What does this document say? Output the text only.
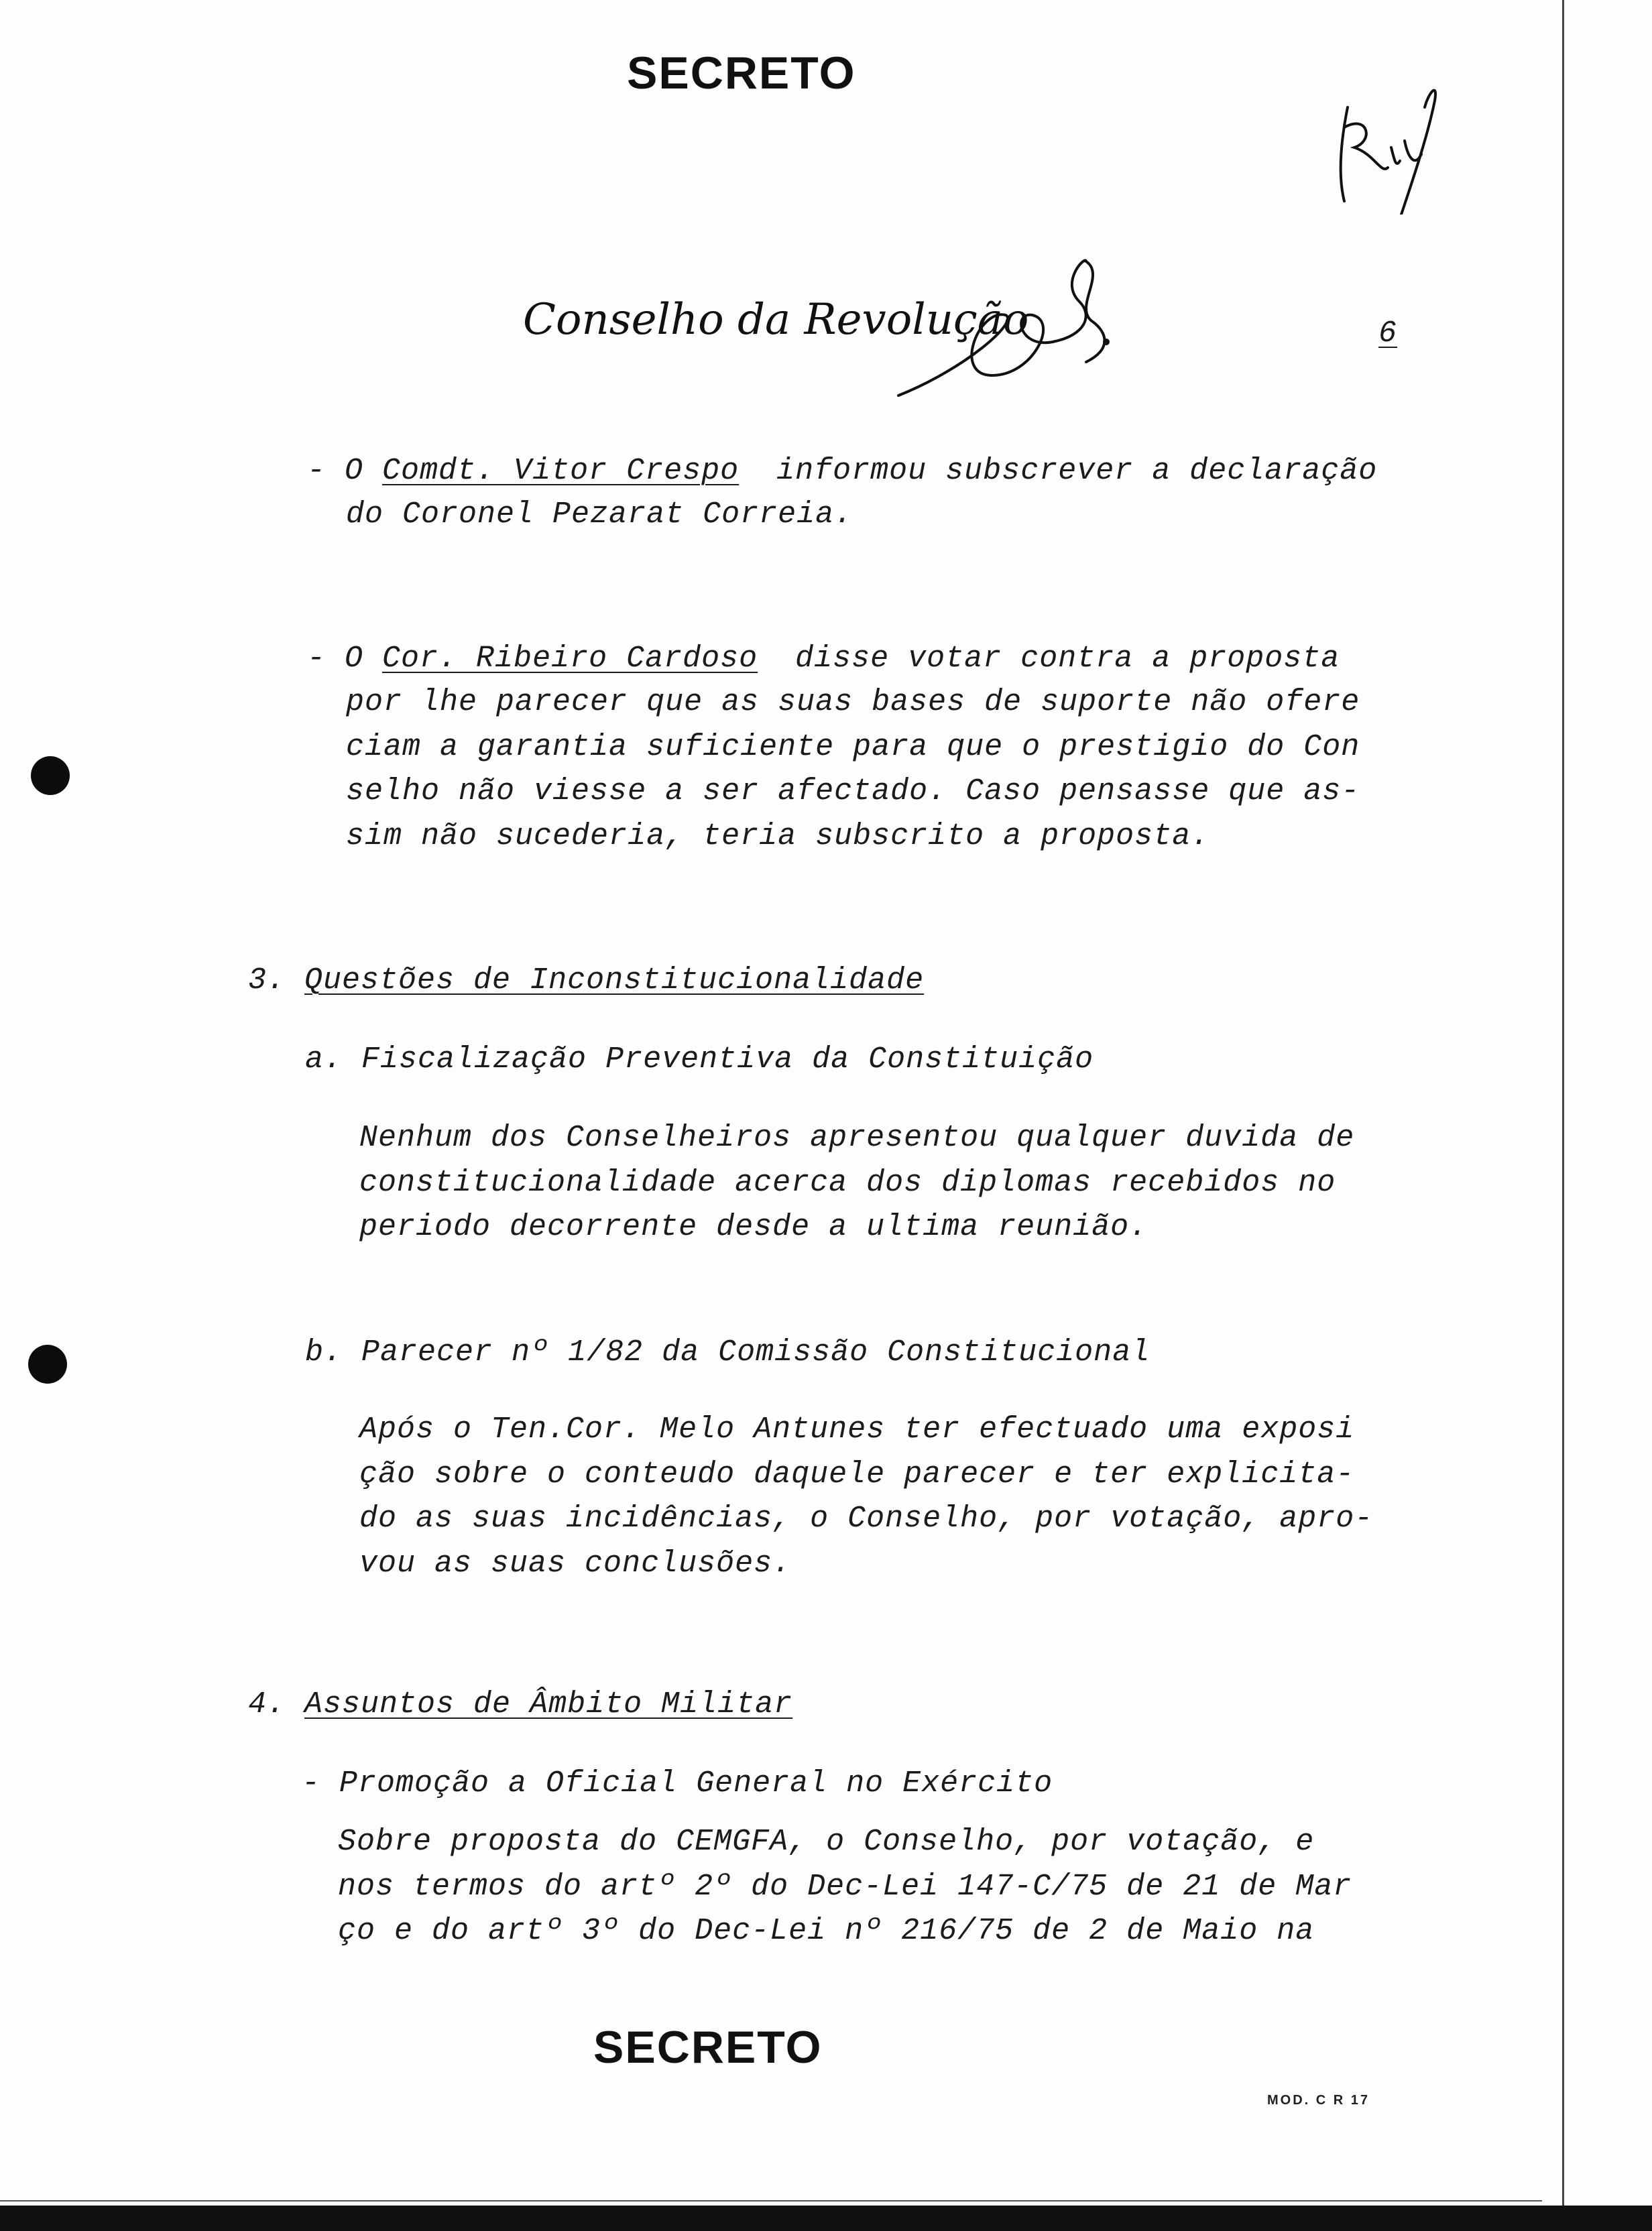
SECRETO
Conselho da Revolução	6
- O Comdt. Vitor Crespo  informou subscrever a declaração
do Coronel Pezarat Correia.
- O Cor. Ribeiro Cardoso  disse votar contra a proposta
por lhe parecer que as suas bases de suporte não ofere
ciam a garantia suficiente para que o prestigio do Con
selho não viesse a ser afectado. Caso pensasse que as-
sim não sucederia, teria subscrito a proposta.
3. Questões de Inconstitucionalidade
a. Fiscalização Preventiva da Constituição
Nenhum dos Conselheiros apresentou qualquer duvida de
constitucionalidade acerca dos diplomas recebidos no
periodo decorrente desde a ultima reunião.
b. Parecer nº 1/82 da Comissão Constitucional
Após o Ten.Cor. Melo Antunes ter efectuado uma exposi
ção sobre o conteudo daquele parecer e ter explicita-
do as suas incidências, o Conselho, por votação, apro-
vou as suas conclusões.
4. Assuntos de Âmbito Militar
- Promoção a Oficial General no Exército
Sobre proposta do CEMGFA, o Conselho, por votação, e
nos termos do artº 2º do Dec-Lei 147-C/75 de 21 de Mar
ço e do artº 3º do Dec-Lei nº 216/75 de 2 de Maio na
SECRETO
MOD. C R 17
